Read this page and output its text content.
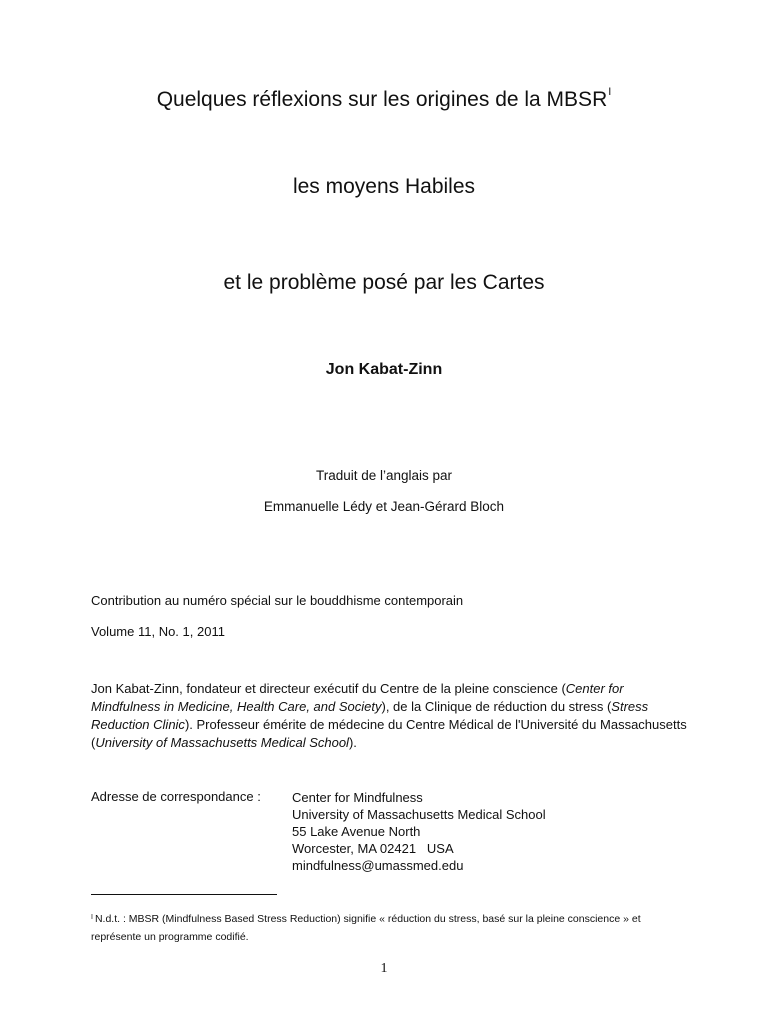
Quelques réflexions sur les origines de la $MBSR^I$
les moyens Habiles
et le problème posé par les Cartes
Jon Kabat-Zinn
Traduit de l’anglais par
Emmanuelle Lédy et Jean-Gérard Bloch
Contribution au numéro spécial sur le bouddhisme contemporain
Volume 11, No. 1, 2011
Jon Kabat-Zinn, fondateur et directeur exécutif du Centre de la pleine conscience (Center for Mindfulness in Medicine, Health Care, and Society), de la Clinique de réduction du stress (Stress Reduction Clinic). Professeur émérite de médecine du Centre Médical de l'Université du Massachusetts (University of Massachusetts Medical School).
Adresse de correspondance : Center for Mindfulness
University of Massachusetts Medical School
55 Lake Avenue North
Worcester, MA 02421   USA
mindfulness@umassmed.edu
$^I$ N.d.t. : MBSR (Mindfulness Based Stress Reduction) signifie « réduction du stress, basé sur la pleine conscience » et représente un programme codifié.
1
